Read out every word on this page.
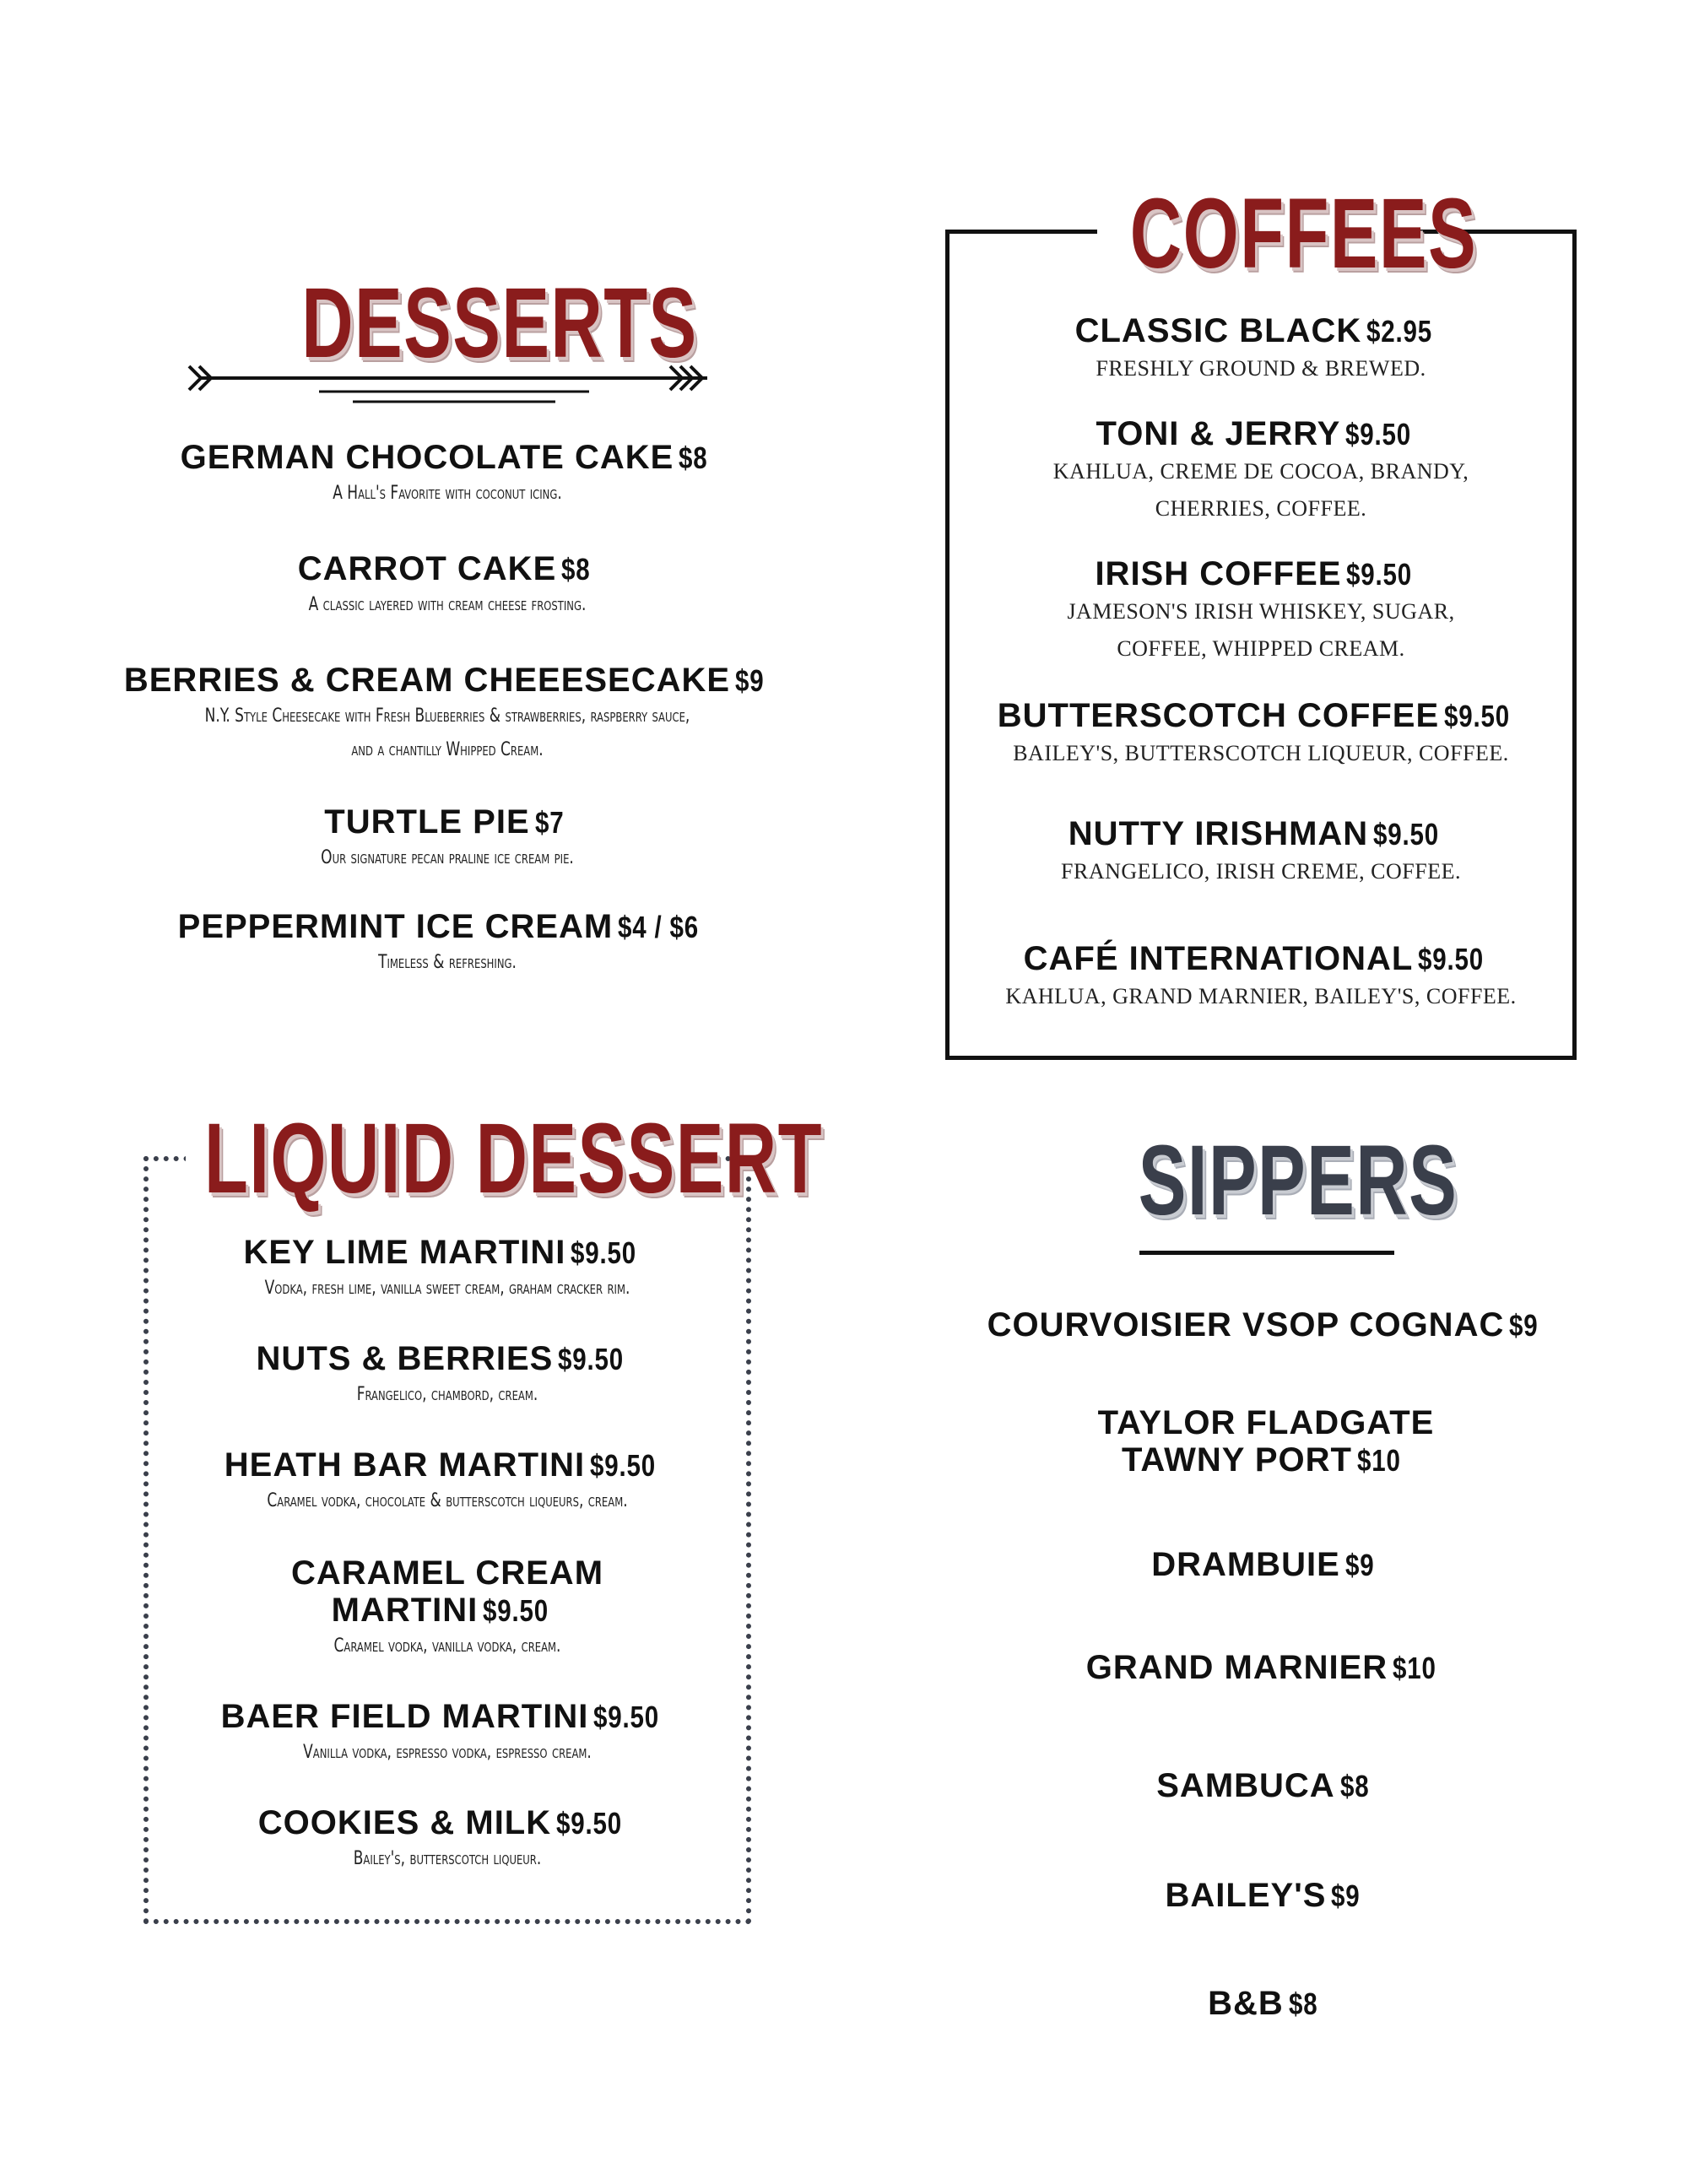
DESSERTS
GERMAN CHOCOLATE CAKE $8
A Hall's Favorite with coconut icing.
CARROT CAKE $8
A classic layered with cream cheese frosting.
BERRIES & CREAM CHEEESECAKE $9
N.Y. Style Cheesecake with Fresh Blueberries & strawberries, raspberry sauce,
and a chantilly Whipped Cream.
TURTLE PIE $7
Our signature pecan praline ice cream pie.
PEPPERMINT ICE CREAM $4 / $6
Timeless & refreshing.
COFFEES
CLASSIC BLACK $2.95
FRESHLY GROUND & BREWED.
TONI & JERRY $9.50
KAHLUA, CREME DE COCOA, BRANDY,
CHERRIES, COFFEE.
IRISH COFFEE $9.50
JAMESON'S IRISH WHISKEY, SUGAR,
COFFEE, WHIPPED CREAM.
BUTTERSCOTCH COFFEE $9.50
BAILEY'S, BUTTERSCOTCH LIQUEUR, COFFEE.
NUTTY IRISHMAN $9.50
FRANGELICO, IRISH CREME, COFFEE.
CAFÉ INTERNATIONAL $9.50
KAHLUA, GRAND MARNIER, BAILEY'S, COFFEE.
LIQUID DESSERT
KEY LIME MARTINI $9.50
Vodka, fresh lime, vanilla sweet cream, graham cracker rim.
NUTS & BERRIES $9.50
Frangelico, chambord, cream.
HEATH BAR MARTINI $9.50
Caramel vodka, chocolate & butterscotch liqueurs, cream.
CARAMEL CREAM
MARTINI $9.50
Caramel vodka, vanilla vodka, cream.
BAER FIELD MARTINI $9.50
Vanilla vodka, espresso vodka, espresso cream.
COOKIES & MILK $9.50
Bailey's, butterscotch liqueur.
SIPPERS
COURVOISIER VSOP COGNAC $9
TAYLOR FLADGATE
TAWNY PORT $10
DRAMBUIE $9
GRAND MARNIER $10
SAMBUCA $8
BAILEY'S $9
B&B $8
